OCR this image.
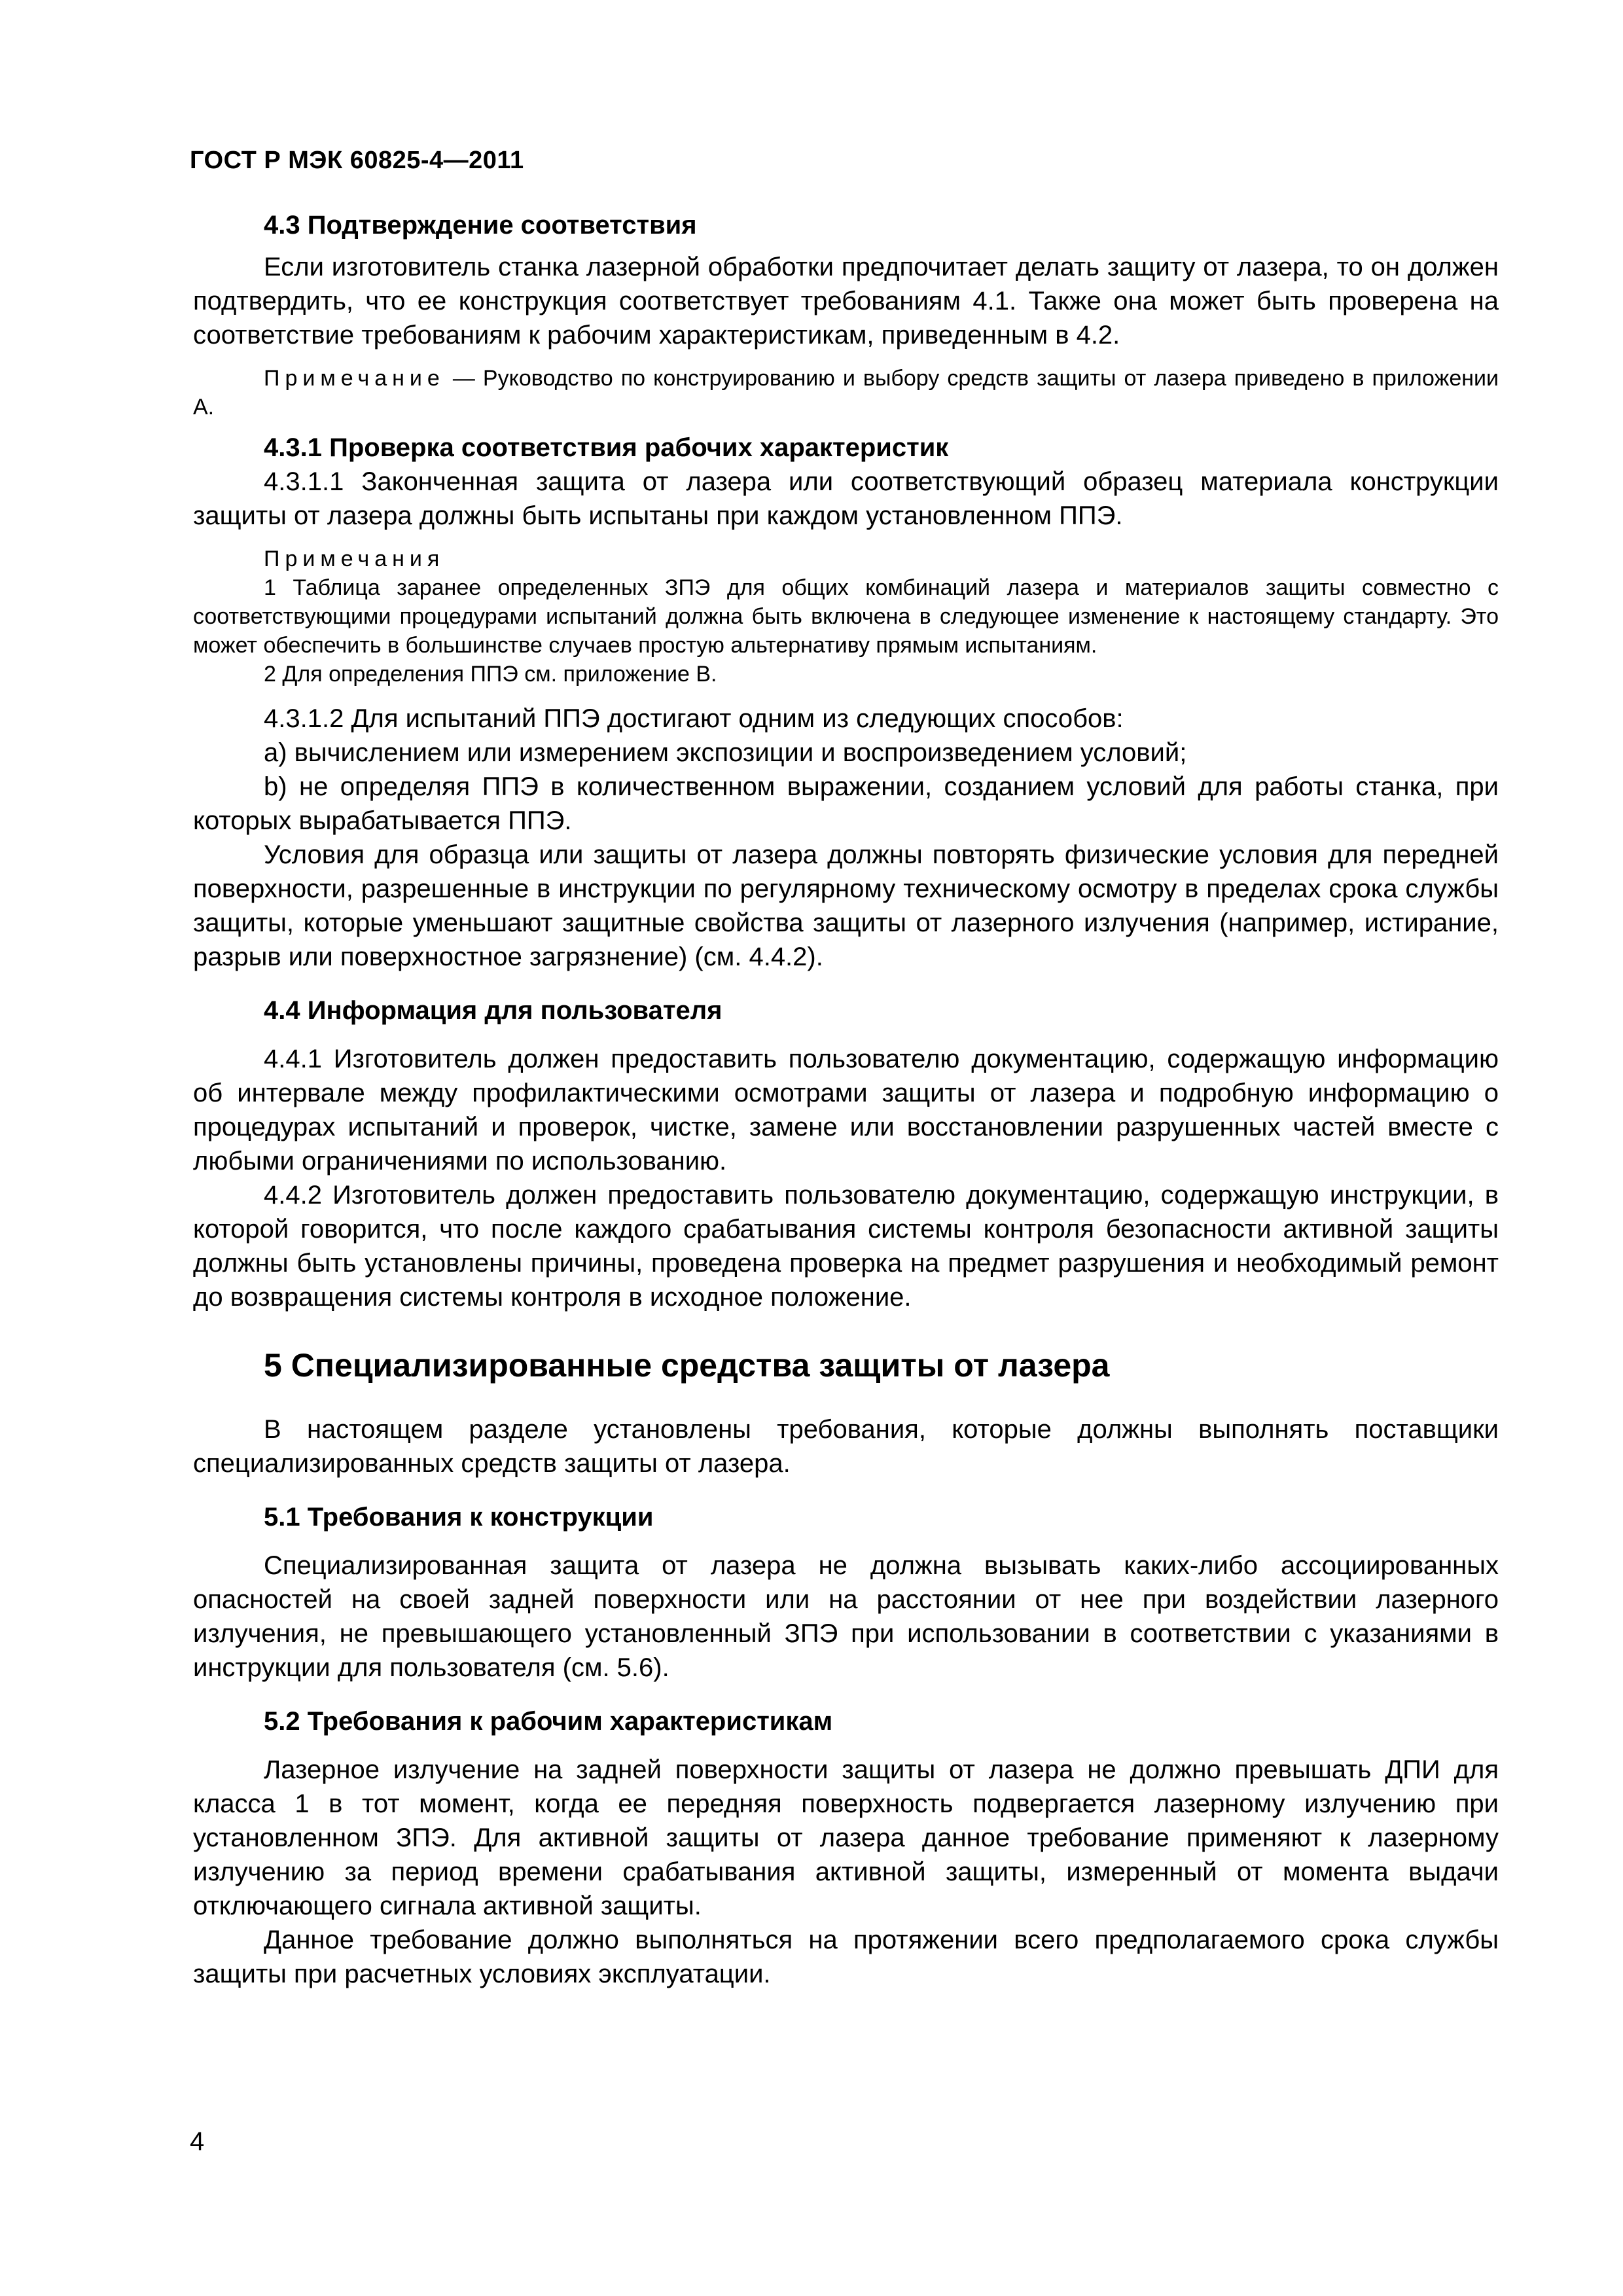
ГОСТ Р МЭК 60825-4—2011

4.3 Подтверждение соответствия

Если изготовитель станка лазерной обработки предпочитает делать защиту от лазера, то он должен подтвердить, что ее конструкция соответствует требованиям 4.1. Также она может быть проверена на соответствие требованиям к рабочим характеристикам, приведенным в 4.2.

Примечание — Руководство по конструированию и выбору средств защиты от лазера приведено в приложении А.

4.3.1 Проверка соответствия рабочих характеристик

4.3.1.1 Законченная защита от лазера или соответствующий образец материала конструкции защиты от лазера должны быть испытаны при каждом установленном ППЭ.

Примечания

1 Таблица заранее определенных ЗПЭ для общих комбинаций лазера и материалов защиты совместно с соответствующими процедурами испытаний должна быть включена в следующее изменение к настоящему стандарту. Это может обеспечить в большинстве случаев простую альтернативу прямым испытаниям.

2 Для определения ППЭ см. приложение В.

4.3.1.2 Для испытаний ППЭ достигают одним из следующих способов:

а) вычислением или измерением экспозиции и воспроизведением условий;

b) не определяя ППЭ в количественном выражении, созданием условий для работы станка, при которых вырабатывается ППЭ.

Условия для образца или защиты от лазера должны повторять физические условия для передней поверхности, разрешенные в инструкции по регулярному техническому осмотру в пределах срока службы защиты, которые уменьшают защитные свойства защиты от лазерного излучения (например, истирание, разрыв или поверхностное загрязнение) (см. 4.4.2).

4.4 Информация для пользователя

4.4.1 Изготовитель должен предоставить пользователю документацию, содержащую информацию об интервале между профилактическими осмотрами защиты от лазера и подробную информацию о процедурах испытаний и проверок, чистке, замене или восстановлении разрушенных частей вместе с любыми ограничениями по использованию.

4.4.2 Изготовитель должен предоставить пользователю документацию, содержащую инструкции, в которой говорится, что после каждого срабатывания системы контроля безопасности активной защиты должны быть установлены причины, проведена проверка на предмет разрушения и необходимый ремонт до возвращения системы контроля в исходное положение.

5 Специализированные средства защиты от лазера

В настоящем разделе установлены требования, которые должны выполнять поставщики специализированных средств защиты от лазера.

5.1 Требования к конструкции

Специализированная защита от лазера не должна вызывать каких-либо ассоциированных опасностей на своей задней поверхности или на расстоянии от нее при воздействии лазерного излучения, не превышающего установленный ЗПЭ при использовании в соответствии с указаниями в инструкции для пользователя (см. 5.6).

5.2 Требования к рабочим характеристикам

Лазерное излучение на задней поверхности защиты от лазера не должно превышать ДПИ для класса 1 в тот момент, когда ее передняя поверхность подвергается лазерному излучению при установленном ЗПЭ. Для активной защиты от лазера данное требование применяют к лазерному излучению за период времени срабатывания активной защиты, измеренный от момента выдачи отключающего сигнала активной защиты.

Данное требование должно выполняться на протяжении всего предполагаемого срока службы защиты при расчетных условиях эксплуатации.

4
